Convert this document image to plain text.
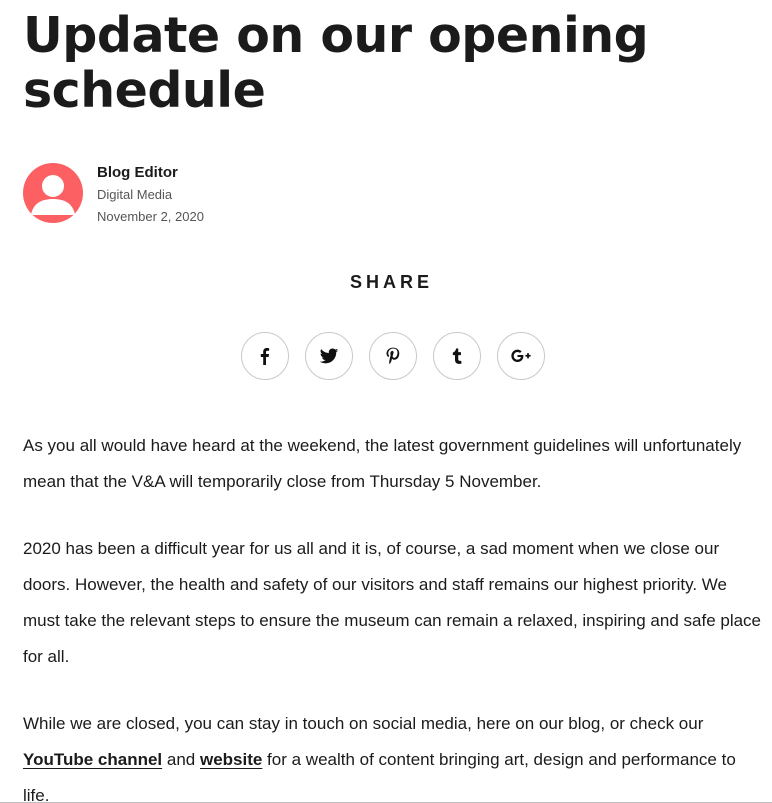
Update on our opening schedule
Blog Editor
Digital Media
November 2, 2020
SHARE

As you all would have heard at the weekend, the latest government guidelines will unfortunately mean that the V&A will temporarily close from Thursday 5 November.

2020 has been a difficult year for us all and it is, of course, a sad moment when we close our doors. However, the health and safety of our visitors and staff remains our highest priority. We must take the relevant steps to ensure the museum can remain a relaxed, inspiring and safe place for all.

While we are closed, you can stay in touch on social media, here on our blog, or check our YouTube channel and website for a wealth of content bringing art, design and performance to life.
